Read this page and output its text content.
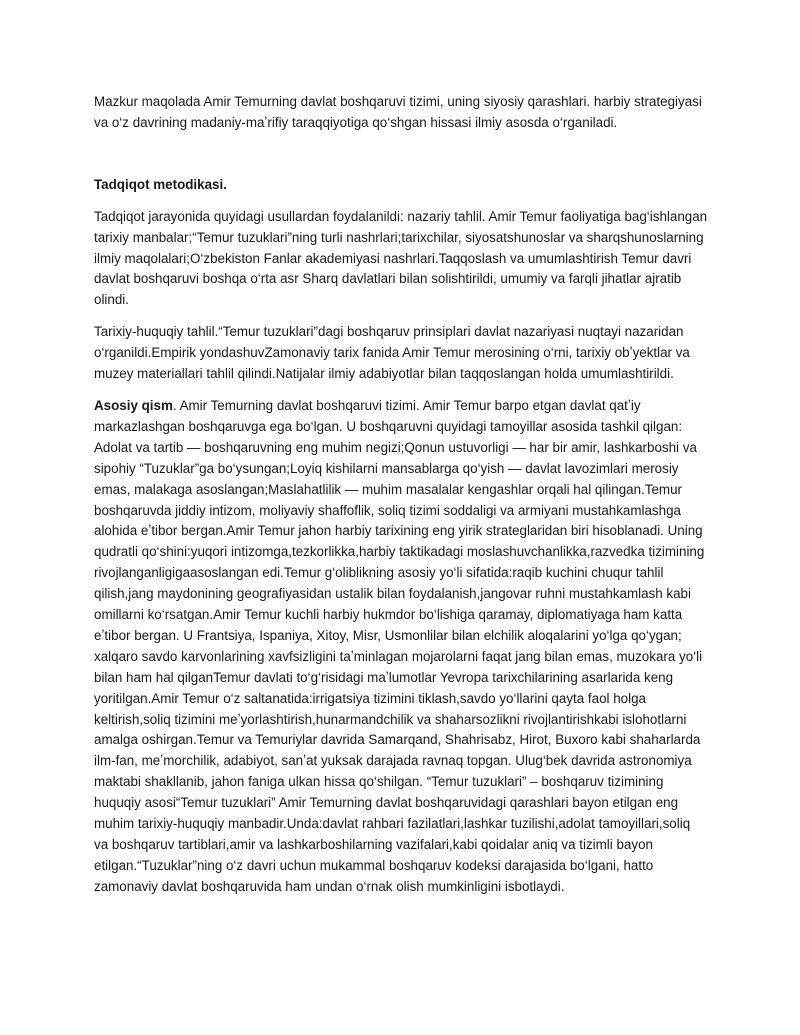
Mazkur maqolada Amir Temurning davlat boshqaruvi tizimi, uning siyosiy qarashlari. harbiy strategiyasi
va o‘z davrining madaniy-maʼrifiy taraqqiyotiga qo‘shgan hissasi ilmiy asosda o‘rganiladi.

Tadqiqot metodikasi.

Tadqiqot jarayonida quyidagi usullardan foydalanildi: nazariy tahlil. Amir Temur faoliyatiga bag‘ishlangan
tarixiy manbalar;“Temur tuzuklari”ning turli nashrlari;tarixchilar, siyosatshunoslar va sharqshunoslarning
ilmiy maqolalari;O‘zbekiston Fanlar akademiyasi nashrlari.Taqqoslash va umumlashtirish Temur davri
davlat boshqaruvi boshqa o‘rta asr Sharq davlatlari bilan solishtirildi, umumiy va farqli jihatlar ajratib
olindi.

Tarixiy-huquqiy tahlil.“Temur tuzuklari”dagi boshqaruv prinsiplari davlat nazariyasi nuqtayi nazaridan
o‘rganildi.Empirik yondashuvZamonaviy tarix fanida Amir Temur merosining o‘rni, tarixiy obʼyektlar va
muzey materiallari tahlil qilindi.Natijalar ilmiy adabiyotlar bilan taqqoslangan holda umumlashtirildi.

Asosiy qism. Amir Temurning davlat boshqaruvi tizimi. Amir Temur barpo etgan davlat qatʼiy
markazlashgan boshqaruvga ega bo‘lgan. U boshqaruvni quyidagi tamoyillar asosida tashkil qilgan:
Adolat va tartib — boshqaruvning eng muhim negizi;Qonun ustuvorligi — har bir amir, lashkarboshi va
sipohiy “Tuzuklar”ga bo‘ysungan;Loyiq kishilarni mansablarga qo‘yish — davlat lavozimlari merosiy
emas, malakaga asoslangan;Maslahatlilik — muhim masalalar kengashlar orqali hal qilingan.Temur
boshqaruvda jiddiy intizom, moliyaviy shaffoflik, soliq tizimi soddaligi va armiyani mustahkamlashga
alohida eʼtibor bergan.Amir Temur jahon harbiy tarixining eng yirik strateglaridan biri hisoblanadi. Uning
qudratli qo‘shini:yuqori intizomga,tezkorlikka,harbiy taktikadagi moslashuvchanlikka,razvedka tizimining
rivojlanganligigaasoslangan edi.Temur g‘oliblikning asosiy yo‘li sifatida:raqib kuchini chuqur tahlil
qilish,jang maydonining geografiyasidan ustalik bilan foydalanish,jangovar ruhni mustahkamlash kabi
omillarni ko‘rsatgan.Amir Temur kuchli harbiy hukmdor bo‘lishiga qaramay, diplomatiyaga ham katta
eʼtibor bergan. U Frantsiya, Ispaniya, Xitoy, Misr, Usmonlilar bilan elchilik aloqalarini yo‘lga qo‘ygan;
xalqaro savdo karvonlarining xavfsizligini taʼminlagan mojarolarni faqat jang bilan emas, muzokara yo‘li
bilan ham hal qilganTemur davlati to‘g‘risidagi maʼlumotlar Yevropa tarixchilarining asarlarida keng
yoritilgan.Amir Temur o‘z saltanatida:irrigatsiya tizimini tiklash,savdo yo‘llarini qayta faol holga
keltirish,soliq tizimini meʼyorlashtirish,hunarmandchilik va shaharsozlikni rivojlantirishkabi islohotlarni
amalga oshirgan.Temur va Temuriylar davrida Samarqand, Shahrisabz, Hirot, Buxoro kabi shaharlarda
ilm-fan, meʼmorchilik, adabiyot, sanʼat yuksak darajada ravnaq topgan. Ulug‘bek davrida astronomiya
maktabi shakllanib, jahon faniga ulkan hissa qo‘shilgan. “Temur tuzuklari” – boshqaruv tizimining
huquqiy asosi“Temur tuzuklari” Amir Temurning davlat boshqaruvidagi qarashlari bayon etilgan eng
muhim tarixiy-huquqiy manbadir.Unda:davlat rahbari fazilatlari,lashkar tuzilishi,adolat tamoyillari,soliq
va boshqaruv tartiblari,amir va lashkarboshilarning vazifalari,kabi qoidalar aniq va tizimli bayon
etilgan.“Tuzuklar”ning o‘z davri uchun mukammal boshqaruv kodeksi darajasida bo‘lgani, hatto
zamonaviy davlat boshqaruvida ham undan o‘rnak olish mumkinligini isbotlaydi.
